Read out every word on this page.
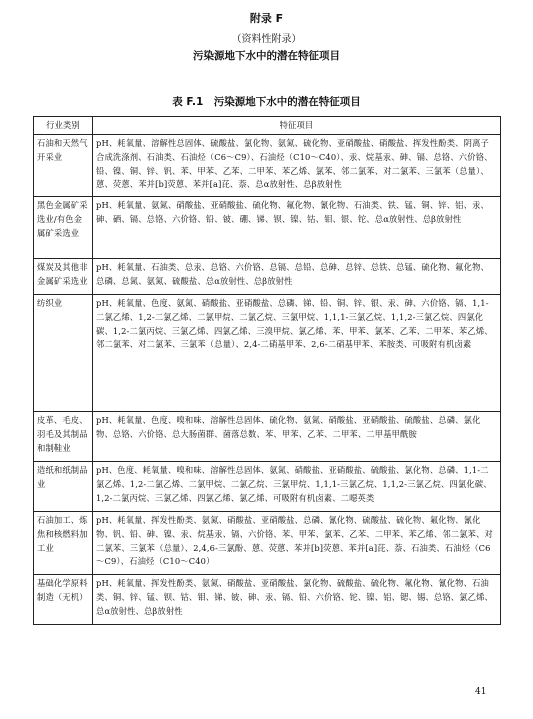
附录 F
（资料性附录）
污染源地下水中的潜在特征项目
表 F.1　污染源地下水中的潜在特征项目
行业类别	特征项目
石油和天然气开采业	pH、耗氧量、溶解性总固体、硫酸盐、氯化物、氨氮、硫化物、亚硝酸盐、硝酸盐、挥发性酚类、阴离子合成洗涤剂、石油类、石油烃（C6～C9）、石油烃（C10～C40）、汞、烷基汞、砷、镉、总铬、六价铬、铅、镍、铜、锌、钒、苯、甲苯、乙苯、二甲苯、苯乙烯、氯苯、邻二氯苯、对二氯苯、三氯苯（总量）、蒽、荧蒽、苯并[b]荧蒽、苯并[a]芘、萘、总α放射性、总β放射性
黑色金属矿采选业/有色金属矿采选业	pH、耗氧量、氨氮、硝酸盐、亚硝酸盐、硫化物、氟化物、氰化物、石油类、铁、锰、铜、锌、铝、汞、砷、硒、镉、总铬、六价铬、铅、铍、硼、锑、钡、镍、钴、钼、银、铊、总α放射性、总β放射性
煤炭及其他非金属矿采选业	pH、耗氧量、石油类、总汞、总铬、六价铬、总镉、总铅、总砷、总锌、总铁、总锰、硫化物、氟化物、总磷、总氮、氨氮、硫酸盐、总α放射性、总β放射性
纺织业	pH、耗氧量、色度、氨氮、硝酸盐、亚硝酸盐、总磷、锑、铅、铜、锌、银、汞、砷、六价铬、镉、1,1-二氯乙烯、1,2-二氯乙烯、二氯甲烷、二氯乙烷、三氯甲烷、1,1,1-三氯乙烷、1,1,2-三氯乙烷、四氯化碳、1,2-二氯丙烷、三氯乙烯、四氯乙烯、三溴甲烷、氯乙烯、苯、甲苯、氯苯、乙苯、二甲苯、苯乙烯、邻二氯苯、对二氯苯、三氯苯（总量）、2,4-二硝基甲苯、2,6-二硝基甲苯、苯胺类、可吸附有机卤素
皮革、毛皮、羽毛及其制品和制鞋业	pH、耗氧量、色度、嗅和味、溶解性总固体、硫化物、氨氮、硝酸盐、亚硝酸盐、硫酸盐、总磷、氯化物、总铬、六价铬、总大肠菌群、菌落总数、苯、甲苯、乙苯、二甲苯、二甲基甲酰胺
造纸和纸制品业	pH、色度、耗氧量、嗅和味、溶解性总固体、氨氮、硝酸盐、亚硝酸盐、硫酸盐、氯化物、总磷、1,1-二氯乙烯、1,2-二氯乙烯、二氯甲烷、二氯乙烷、三氯甲烷、1,1,1-三氯乙烷、1,1,2-三氯乙烷、四氯化碳、1,2-二氯丙烷、三氯乙烯、四氯乙烯、氯乙烯、可吸附有机卤素、二噁英类
石油加工、炼焦和核燃料加工业	pH、耗氧量、挥发性酚类、氨氮、硝酸盐、亚硝酸盐、总磷、氰化物、硫酸盐、硫化物、氟化物、氰化物、钒、铅、砷、镍、汞、烷基汞、镉、六价铬、苯、甲苯、氯苯、乙苯、二甲苯、苯乙烯、邻二氯苯、对二氯苯、三氯苯（总量）、2,4,6-三氯酚、蒽、荧蒽、苯并[b]荧蒽、苯并[a]芘、萘、石油类、石油烃（C6～C9）、石油烃（C10～C40）
基础化学原料制造（无机）	pH、耗氧量、挥发性酚类、氨氮、硝酸盐、亚硝酸盐、氯化物、硫酸盐、硫化物、氟化物、氰化物、石油类、铜、锌、锰、钡、钴、钼、锑、铍、砷、汞、镉、铅、六价铬、铊、镍、铝、锶、锡、总铬、氯乙烯、总α放射性、总β放射性
41
